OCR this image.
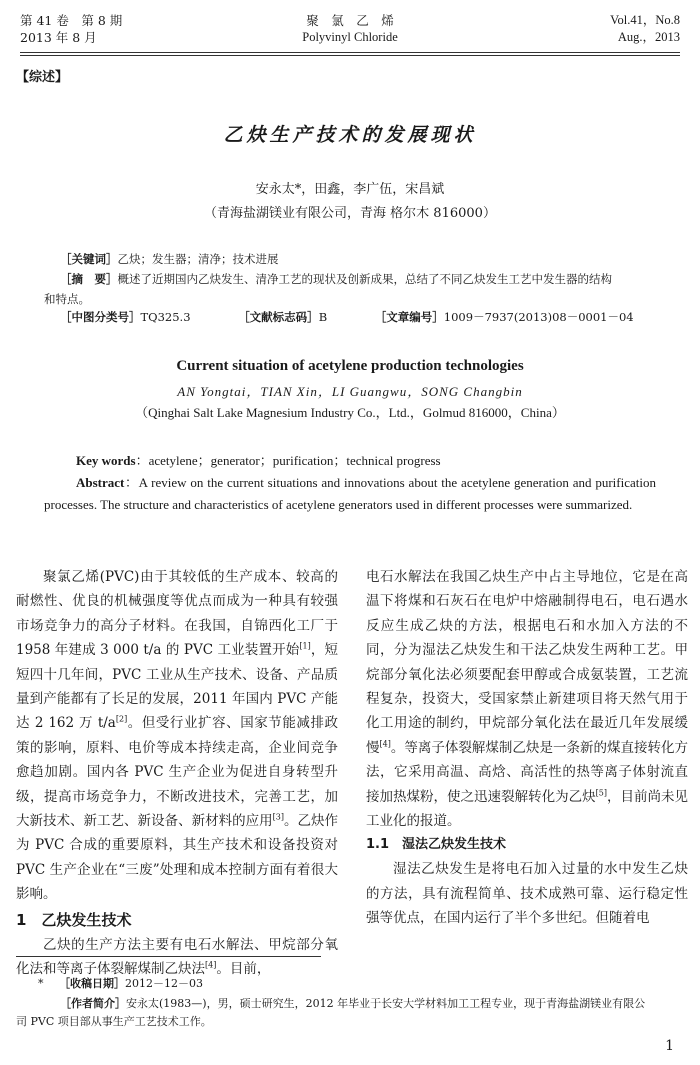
第 41 卷　第 8 期
2013 年 8 月
聚　氯　乙　烯
Polyvinyl Chloride
Vol.41，No.8
Aug.，2013
【综述】
乙炔生产技术的发展现状
安永太*，田鑫，李广伍，宋昌斌
（青海盐湖镁业有限公司，青海 格尔木 816000）
［关键词］乙炔；发生器；清净；技术进展
［摘　要］概述了近期国内乙炔发生、清净工艺的现状及创新成果，总结了不同乙炔发生工艺中发生器的结构
和特点。
［中图分类号］TQ325.3	［文献标志码］B	［文章编号］1009－7937(2013)08－0001－04
Current situation of acetylene production technologies
AN Yongtai，TIAN Xin，LI Guangwu，SONG Changbin
（Qinghai Salt Lake Magnesium Industry Co.，Ltd.，Golmud 816000，China）
Key words：acetylene；generator；purification；technical progress
Abstract：A review on the current situations and innovations about the acetylene generation and purification processes. The structure and characteristics of acetylene generators used in different processes were summarized.

聚氯乙烯(PVC)由于其较低的生产成本、较高的耐燃性、优良的机械强度等优点而成为一种具有较强市场竞争力的高分子材料。在我国，自锦西化工厂于 1958 年建成 3 000 t/a 的 PVC 工业装置开始[1]，短短四十几年间，PVC 工业从生产技术、设备、产品质量到产能都有了长足的发展，2011 年国内 PVC 产能达 2 162 万 t/a[2]。但受行业扩容、国家节能减排政策的影响，原料、电价等成本持续走高，企业间竞争愈趋加剧。国内各 PVC 生产企业为促进自身转型升级，提高市场竞争力，不断改进技术，完善工艺，加大新技术、新工艺、新设备、新材料的应用[3]。乙炔作为 PVC 合成的重要原料，其生产技术和设备投资对 PVC 生产企业在“三废”处理和成本控制方面有着很大影响。

1　乙炔发生技术

乙炔的生产方法主要有电石水解法、甲烷部分氧化法和等离子体裂解煤制乙炔法[4]。目前，

电石水解法在我国乙炔生产中占主导地位，它是在高温下将煤和石灰石在电炉中熔融制得电石，电石遇水反应生成乙炔的方法，根据电石和水加入方法的不同，分为湿法乙炔发生和干法乙炔发生两种工艺。甲烷部分氧化法必须要配套甲醇或合成氨装置，工艺流程复杂，投资大，受国家禁止新建项目将天然气用于化工用途的制约，甲烷部分氧化法在最近几年发展缓慢[4]。等离子体裂解煤制乙炔是一条新的煤直接转化方法，它采用高温、高焓、高活性的热等离子体射流直接加热煤粉，使之迅速裂解转化为乙炔[5]，目前尚未见工业化的报道。

1.1　湿法乙炔发生技术

湿法乙炔发生是将电石加入过量的水中发生乙炔的方法，具有流程简单、技术成熟可靠、运行稳定性强等优点，在国内运行了半个多世纪。但随着电

* ［收稿日期］2012－12－03
［作者简介］安永太(1983—)，男，硕士研究生，2012 年毕业于长安大学材料加工工程专业，现于青海盐湖镁业有限公
司 PVC 项目部从事生产工艺技术工作。
1
